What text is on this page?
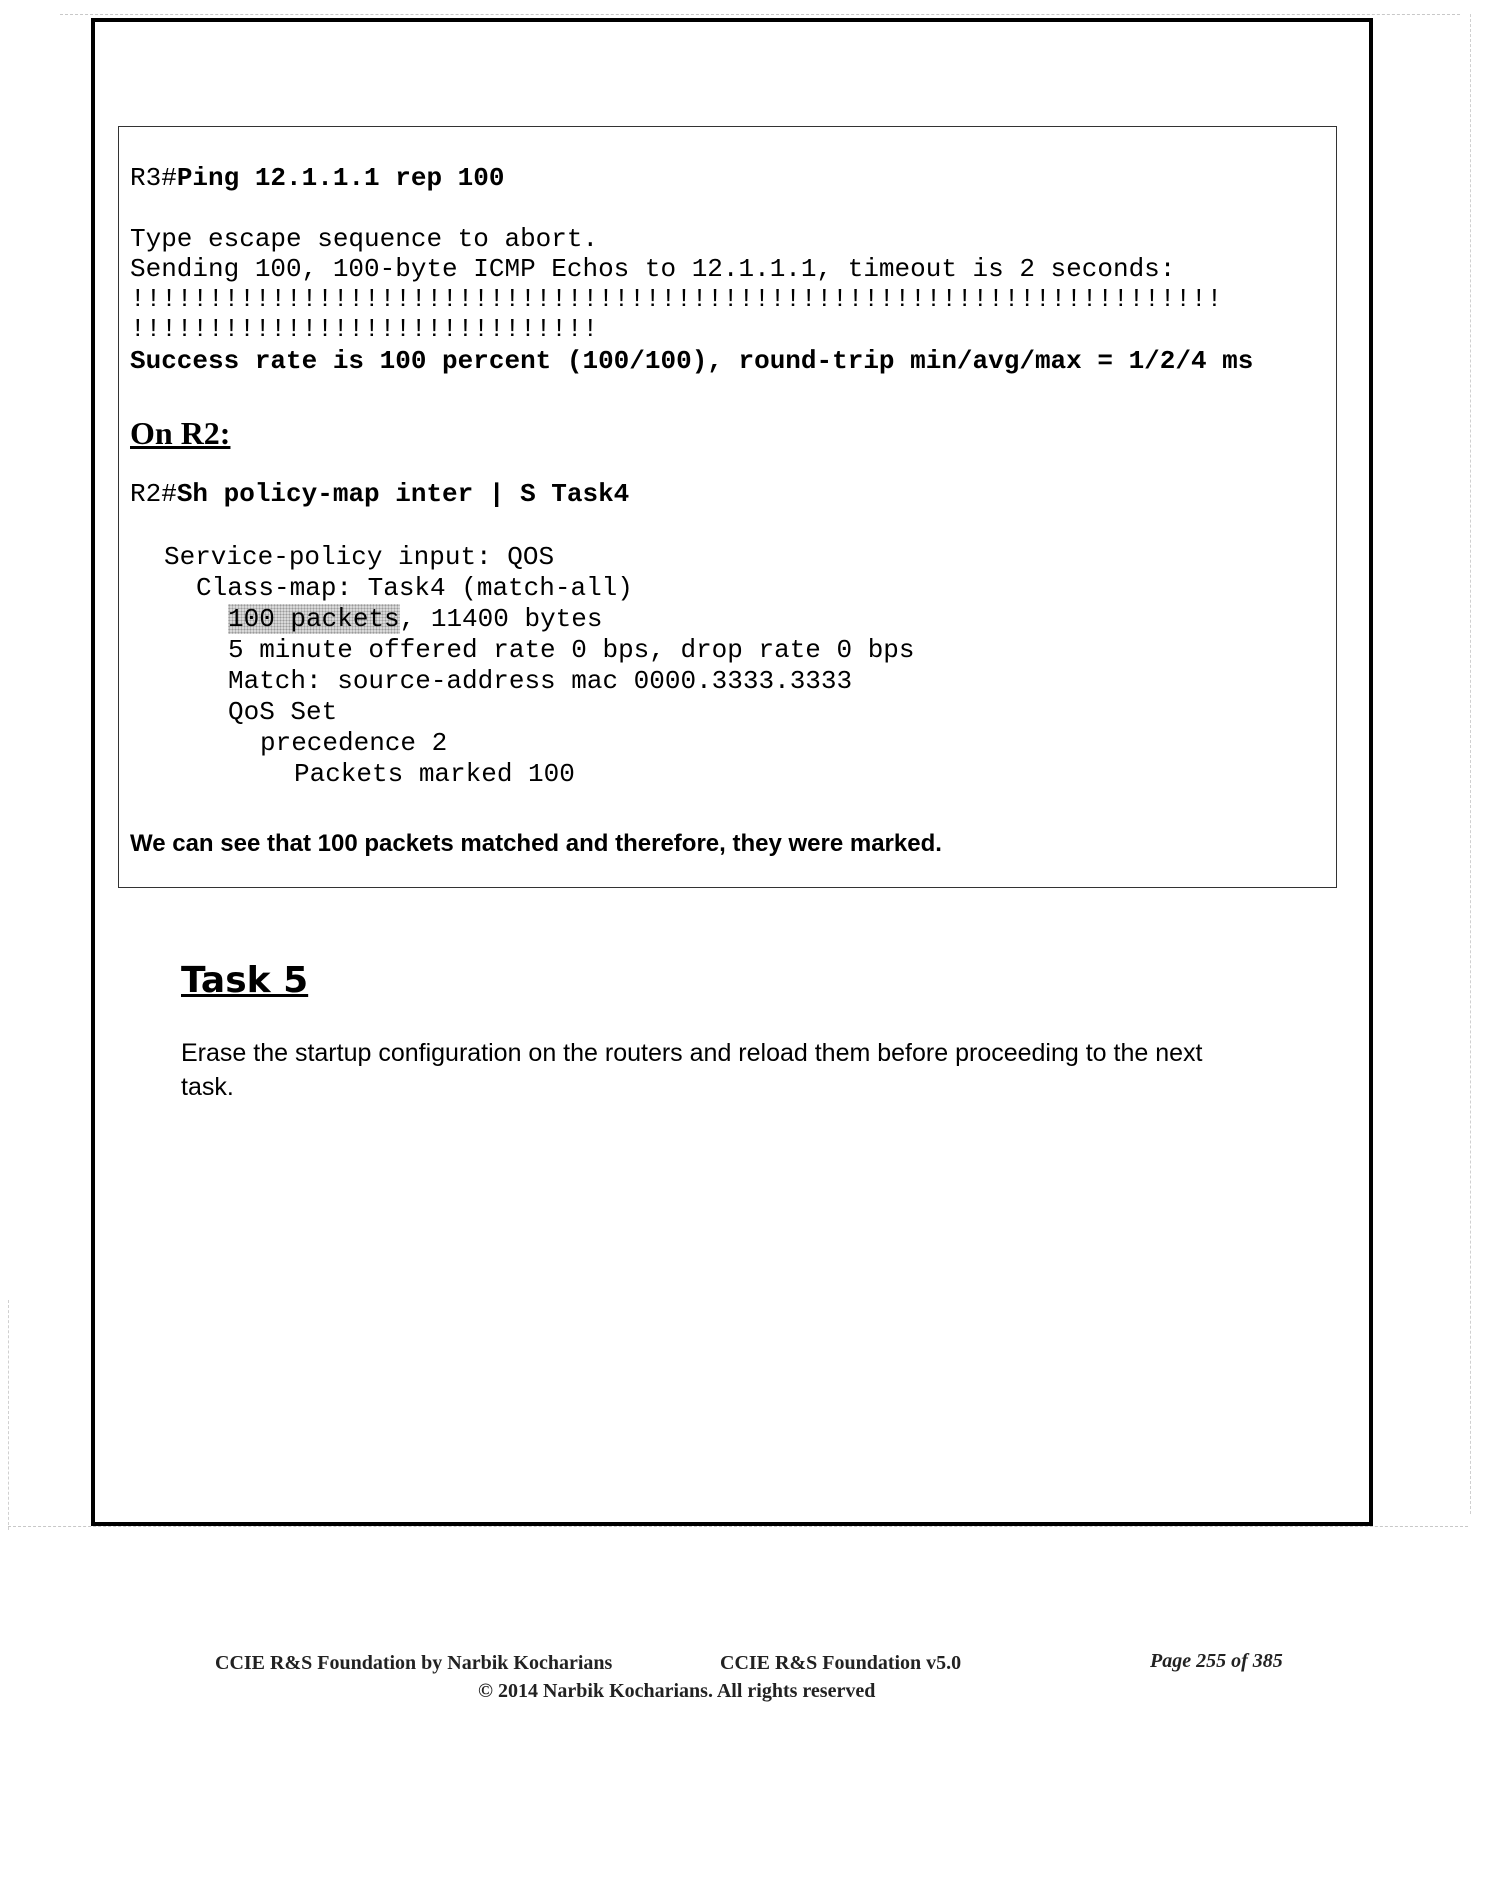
R3#Ping 12.1.1.1 rep 100
Type escape sequence to abort.
Sending 100, 100-byte ICMP Echos to 12.1.1.1, timeout is 2 seconds:
!!!!!!!!!!!!!!!!!!!!!!!!!!!!!!!!!!!!!!!!!!!!!!!!!!!!!!!!!!!!!!!!!!!!!!
!!!!!!!!!!!!!!!!!!!!!!!!!!!!!!
Success rate is 100 percent (100/100), round-trip min/avg/max = 1/2/4 ms
On R2:
R2#Sh policy-map inter | S Task4
Service-policy input: QOS
Class-map: Task4 (match-all)
100 packets, 11400 bytes
5 minute offered rate 0 bps, drop rate 0 bps
Match: source-address mac 0000.3333.3333
QoS Set
precedence 2
Packets marked 100
We can see that 100 packets matched and therefore, they were marked.
Task 5
Erase the startup configuration on the routers and reload them before proceeding to the next task.
CCIE R&S Foundation by Narbik Kocharians	CCIE R&S Foundation v5.0
© 2014 Narbik Kocharians. All rights reserved
Page 255 of 385
